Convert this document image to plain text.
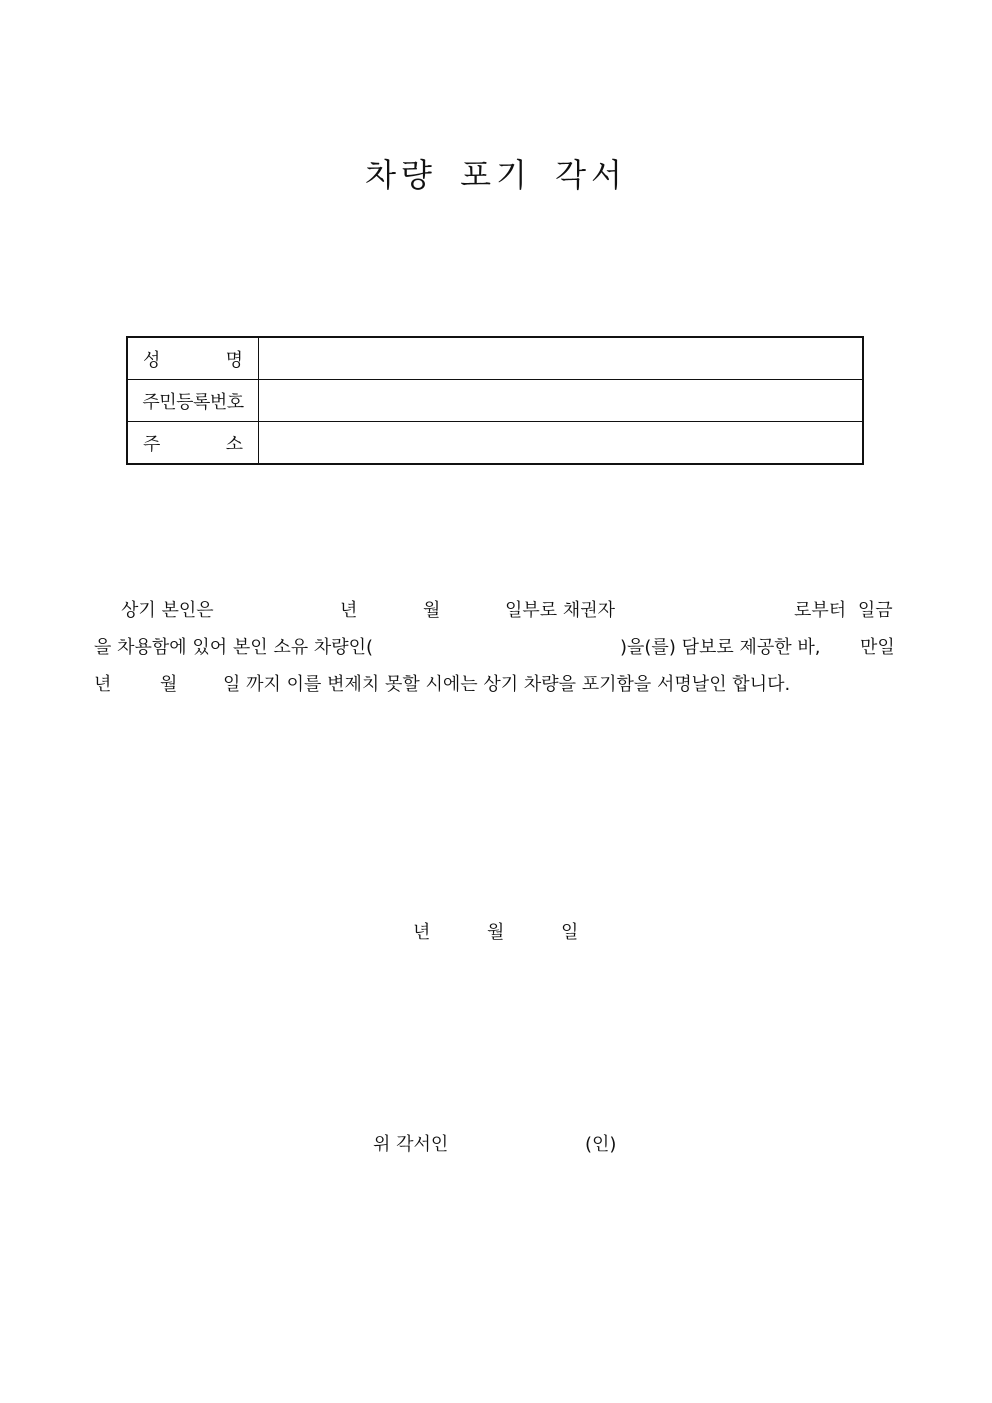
차량 포기 각서
성 명	

주민등록번호	

주 소	

상기 본인은	년	월	일부로 채권자	로부터 일금
을 차용함에 있어 본인 소유 차량인(	)을(를) 담보로 제공한 바, 만일
년	월	일 까지 이를 변제치 못할 시에는 상기 차량을 포기함을 서명날인 합니다.
년	월	일
위 각서인	(인)
